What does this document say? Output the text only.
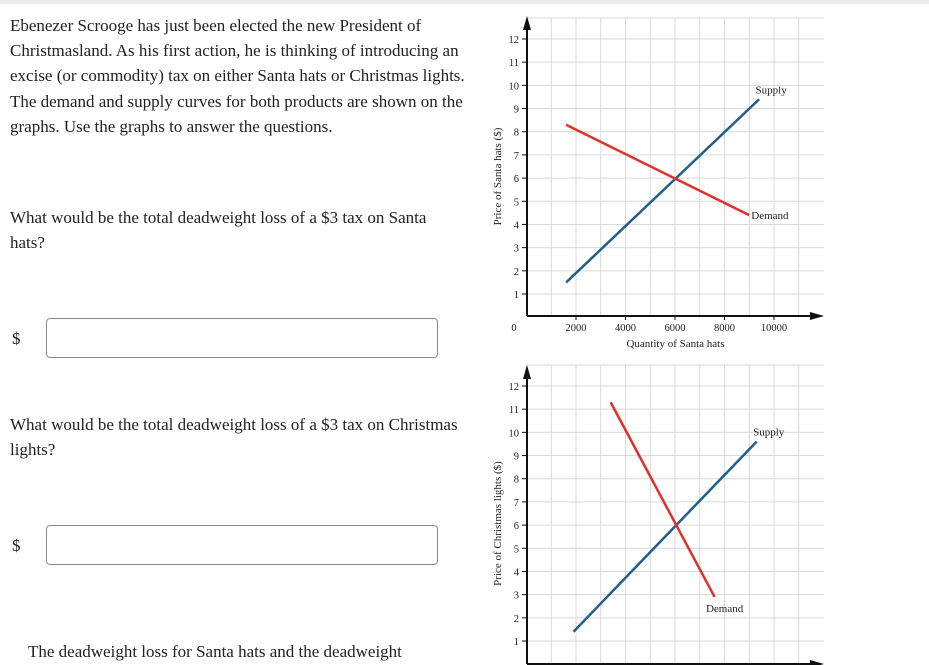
Ebenezer Scrooge has just been elected the new President of Christmasland. As his first action, he is thinking of introducing an excise (or commodity) tax on either Santa hats or Christmas lights. The demand and supply curves for both products are shown on the graphs. Use the graphs to answer the questions.

What would be the total deadweight loss of a $3 tax on Santa hats?

$

What would be the total deadweight loss of a $3 tax on Christmas lights?

$

The deadweight loss for Santa hats and the deadweight

1
2
3
4
5
6
7
8
9
10
11
12
2000	4000	6000	8000 10000
0
Quantity of Santa hats
Price of Santa hats ($)
Supply
Demand
1
2
3
4
5
6
7
8
9
10
11
12
Price of Christmas lights ($)
Supply
Demand
